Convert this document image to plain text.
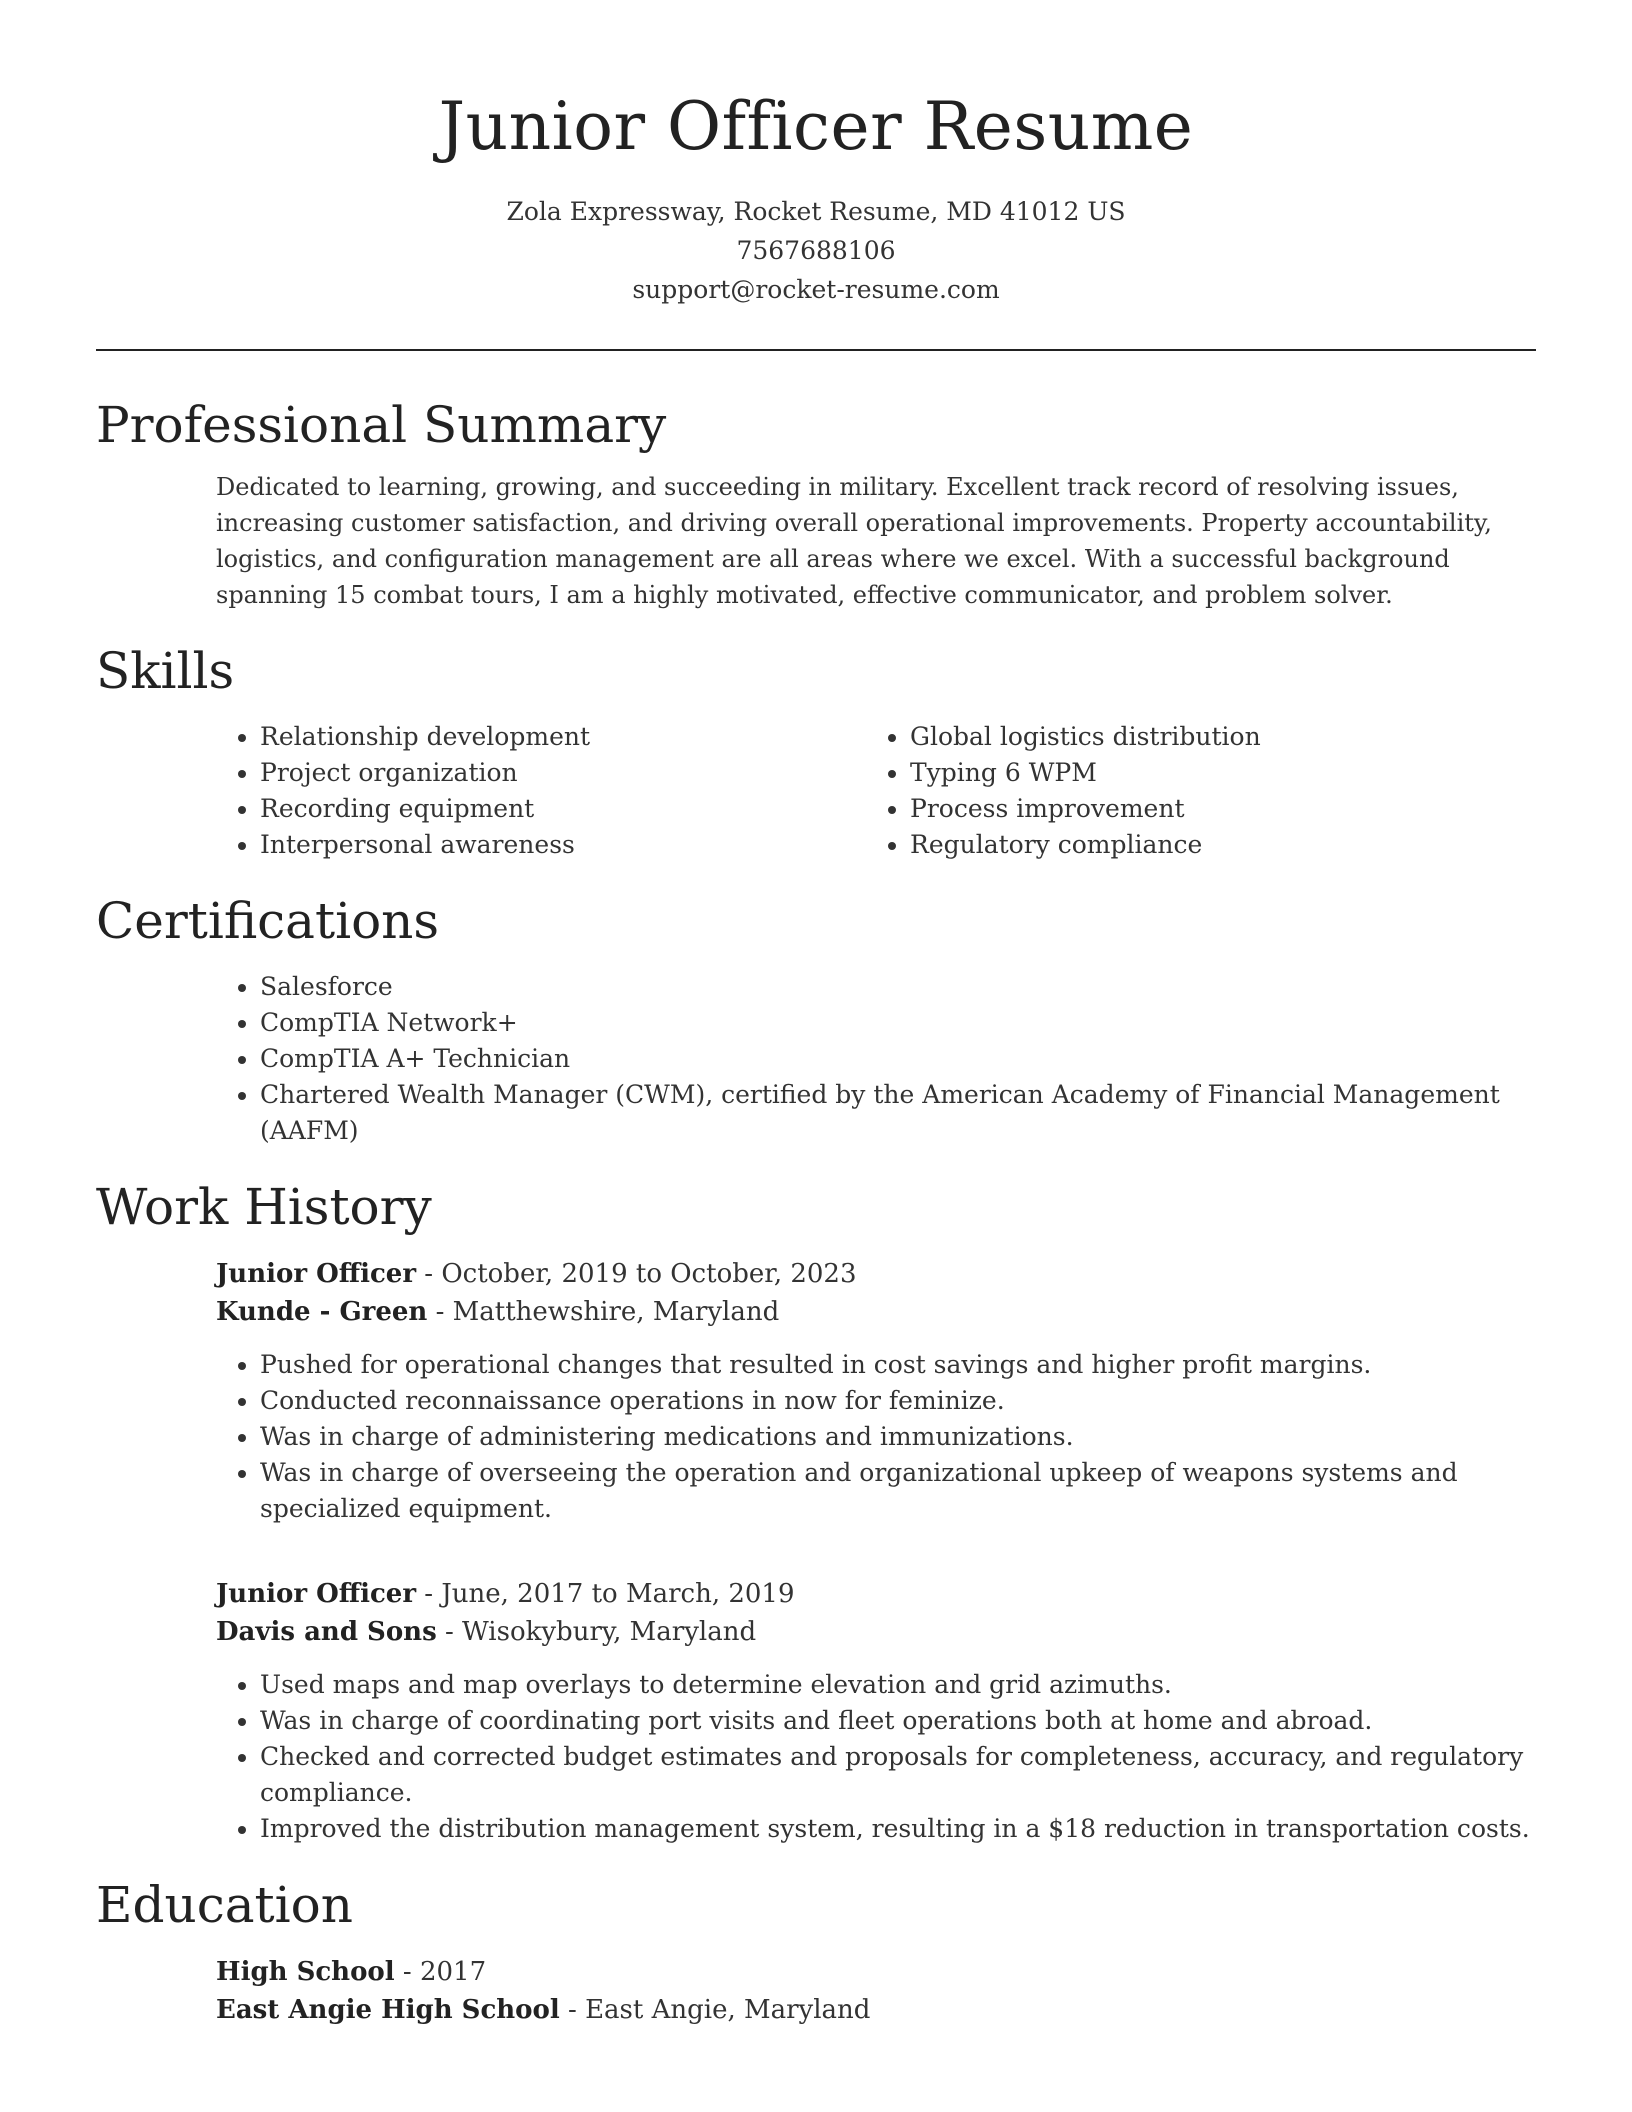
Junior Officer Resume
Zola Expressway, Rocket Resume, MD 41012 US
7567688106
support@rocket-resume.com
Professional Summary

Dedicated to learning, growing, and succeeding in military. Excellent track record of resolving issues, increasing customer satisfaction, and driving overall operational improvements. Property accountability, logistics, and configuration management are all areas where we excel. With a successful background spanning 15 combat tours, I am a highly motivated, effective communicator, and problem solver.

Skills
• Relationship development
• Project organization
• Recording equipment
• Interpersonal awareness
• Global logistics distribution
• Typing 6 WPM
• Process improvement
• Regulatory compliance
Certifications
• Salesforce
• CompTIA Network+
• CompTIA A+ Technician
• Chartered Wealth Manager (CWM), certified by the American Academy of Financial Management (AAFM)
Work History
Junior Officer - October, 2019 to October, 2023
Kunde - Green - Matthewshire, Maryland
• Pushed for operational changes that resulted in cost savings and higher profit margins.
• Conducted reconnaissance operations in now for feminize.
• Was in charge of administering medications and immunizations.
• Was in charge of overseeing the operation and organizational upkeep of weapons systems and specialized equipment.
Junior Officer - June, 2017 to March, 2019
Davis and Sons - Wisokybury, Maryland
• Used maps and map overlays to determine elevation and grid azimuths.
• Was in charge of coordinating port visits and fleet operations both at home and abroad.
• Checked and corrected budget estimates and proposals for completeness, accuracy, and regulatory compliance.
• Improved the distribution management system, resulting in a $18 reduction in transportation costs.
Education
High School - 2017
East Angie High School - East Angie, Maryland
